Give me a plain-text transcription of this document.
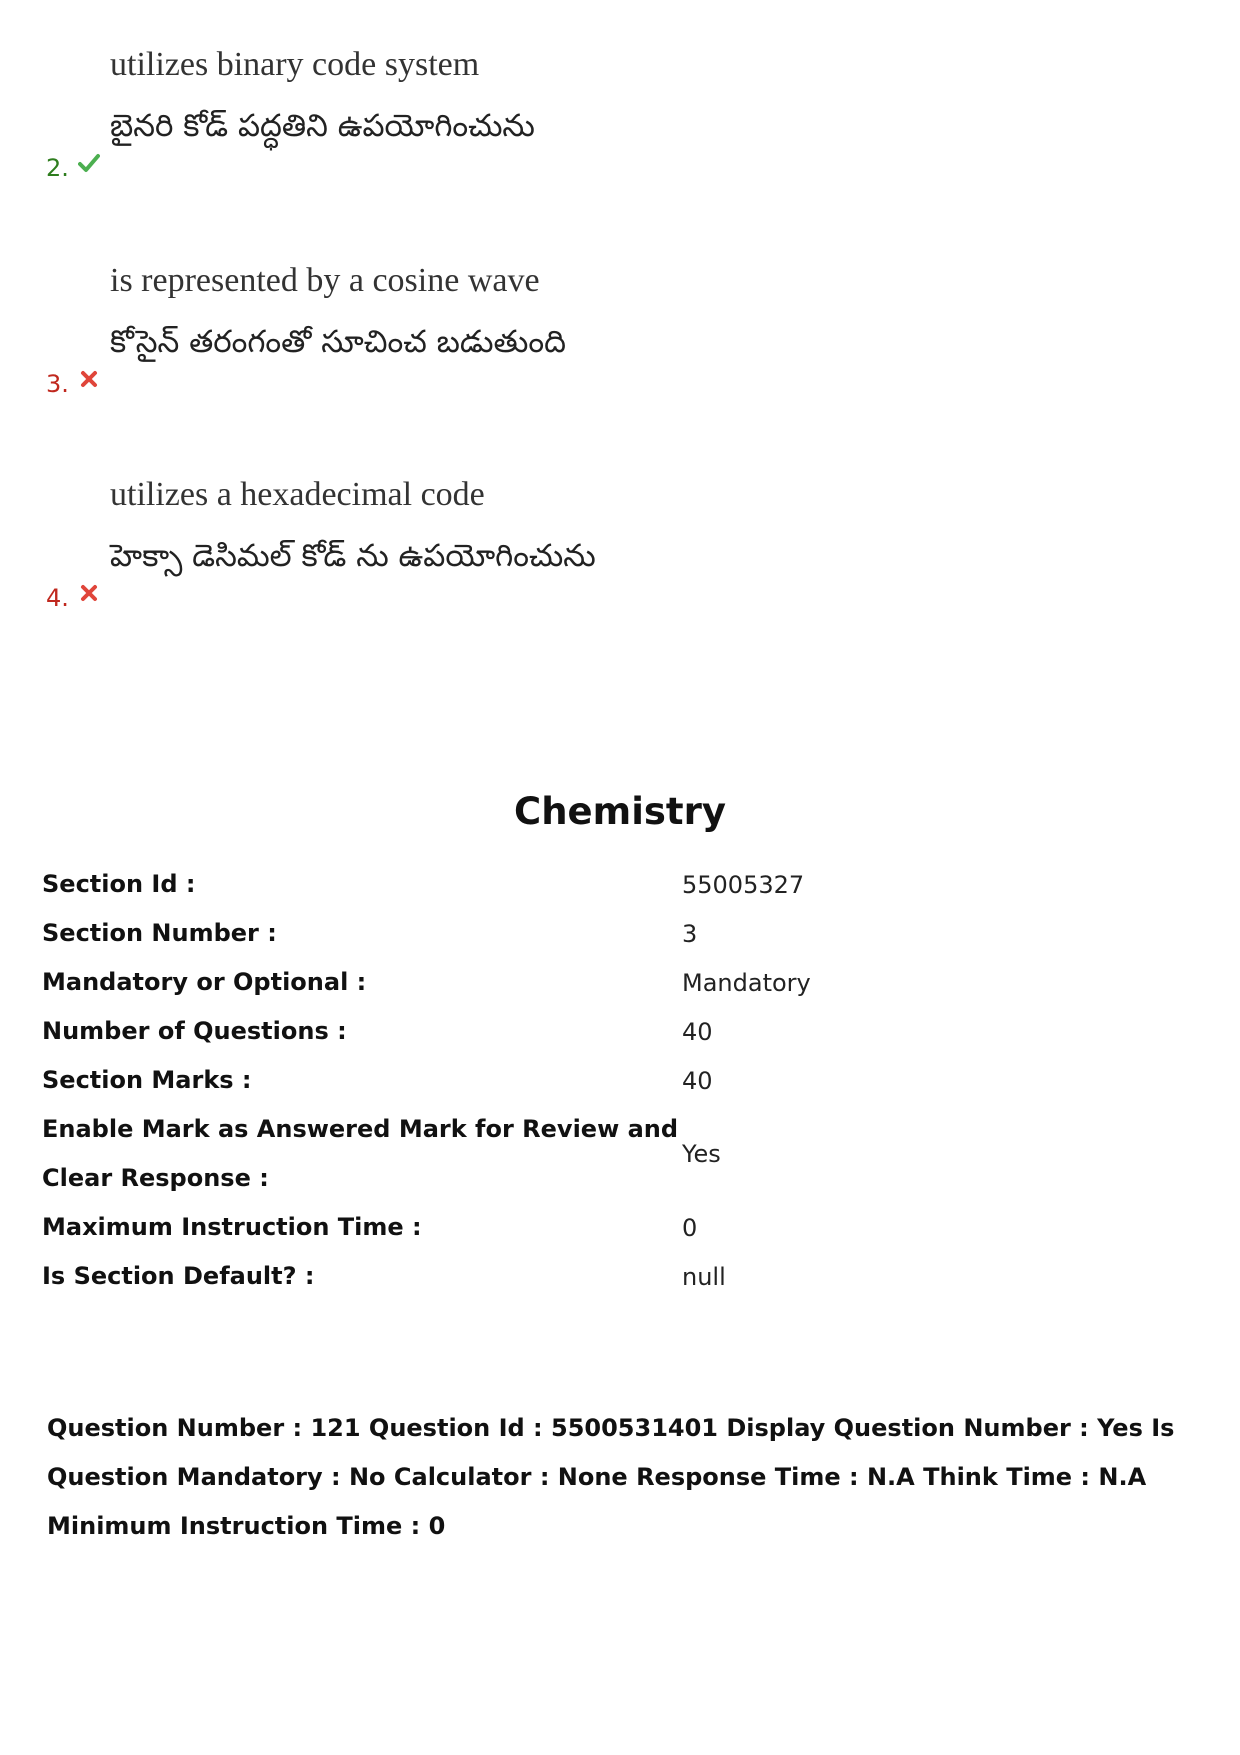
utilizes binary code system
బైనరి కోడ్ పద్ధతిని ఉపయోగించును
2.
is represented by a cosine wave
కోసైన్ తరంగంతో సూచించ బడుతుంది
3.
utilizes a hexadecimal code
హెక్సా డెసిమల్ కోడ్ ను ఉపయోగించును
4.
Chemistry
Section Id :	55005327
Section Number :	3
Mandatory or Optional :	Mandatory
Number of Questions :	40
Section Marks :	40
Enable Mark as Answered Mark for Review and Clear Response :
Yes
Maximum Instruction Time :	0
Is Section Default? :	null
Question Number : 121 Question Id : 5500531401 Display Question Number : Yes Is Question Mandatory : No Calculator : None Response Time : N.A Think Time : N.A Minimum Instruction Time : 0
